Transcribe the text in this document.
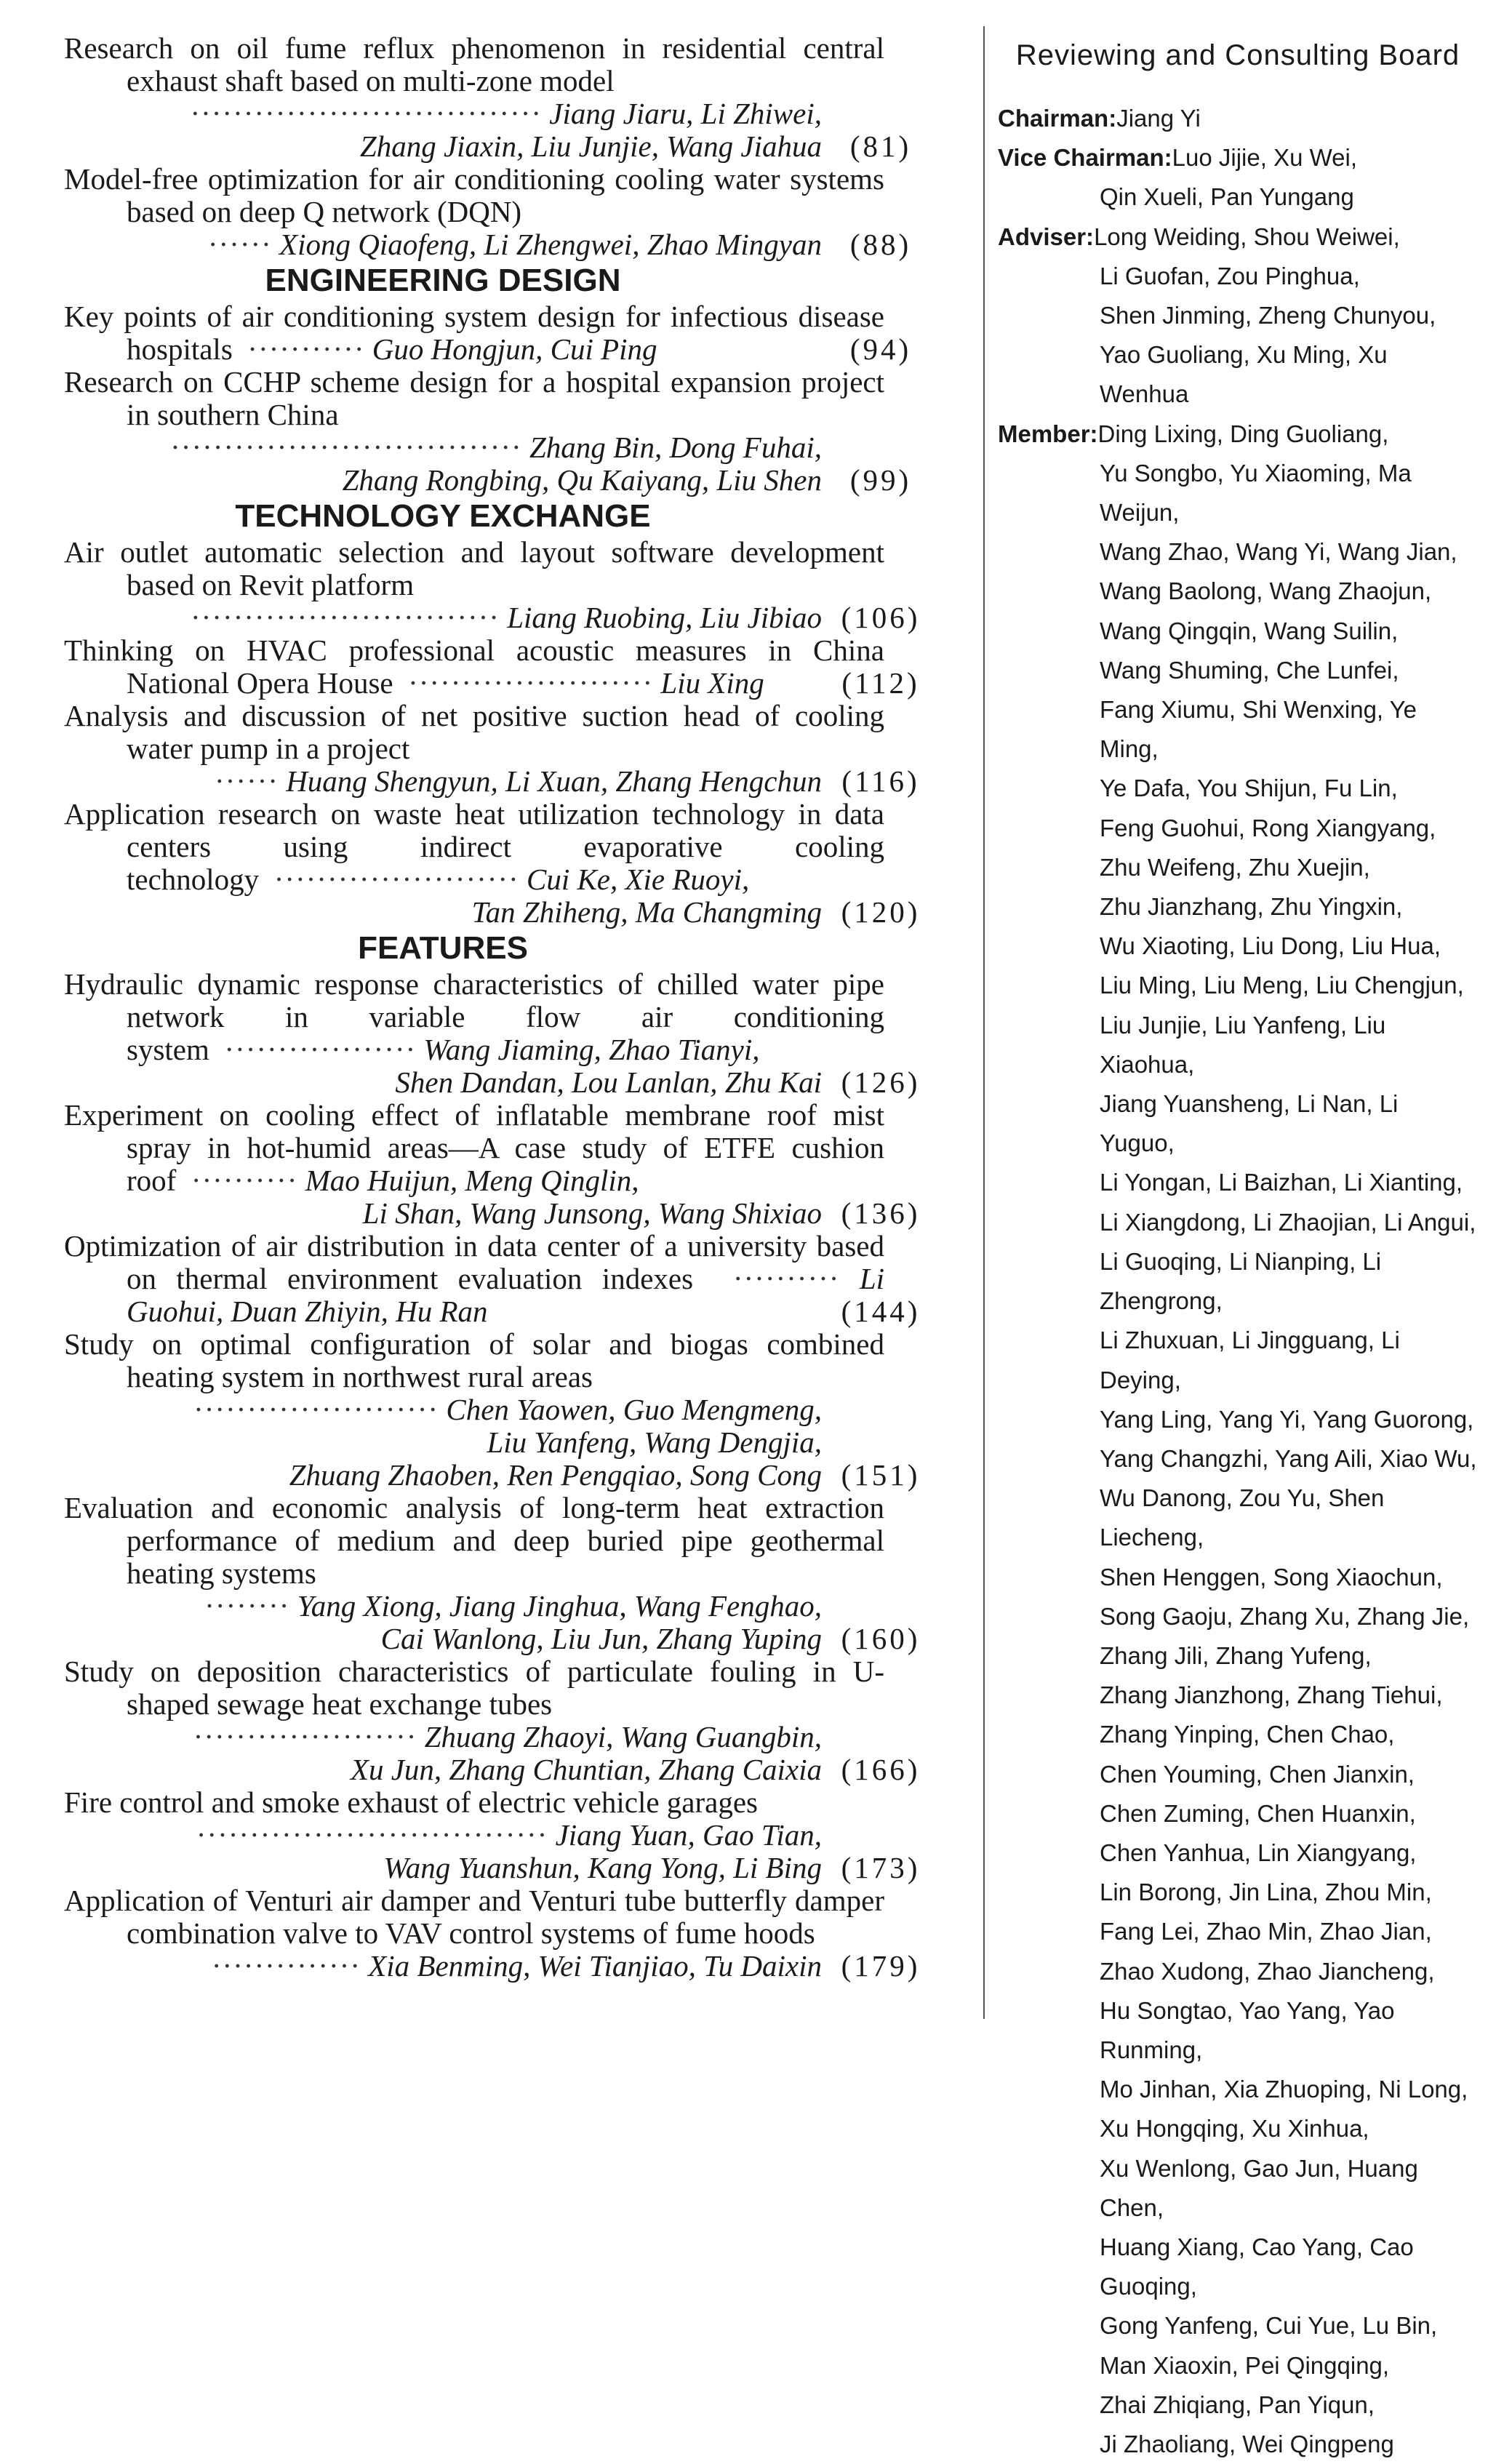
Research on oil fume reflux phenomenon in residential central exhaust shaft based on multi-zone model
································· Jiang Jiaru, Li Zhiwei,
Zhang Jiaxin, Liu Junjie, Wang Jiahua (81)
Model-free optimization for air conditioning cooling water systems based on deep Q network (DQN)
······ Xiong Qiaofeng, Li Zhengwei, Zhao Mingyan (88)
ENGINEERING DESIGN
Key points of air conditioning system design for infectious disease hospitals ··········· Guo Hongjun, Cui Ping	(94)
Research on CCHP scheme design for a hospital expansion project in southern China
································· Zhang Bin, Dong Fuhai,
Zhang Rongbing, Qu Kaiyang, Liu Shen (99)
TECHNOLOGY EXCHANGE
Air outlet automatic selection and layout software development based on Revit platform
····························· Liang Ruobing, Liu Jibiao (106)
Thinking on HVAC professional acoustic measures in China National Opera House ······················· Liu Xing	(112)
Analysis and discussion of net positive suction head of cooling water pump in a project
······ Huang Shengyun, Li Xuan, Zhang Hengchun (116)
Application research on waste heat utilization technology in data centers using indirect evaporative cooling technology ······················· Cui Ke, Xie Ruoyi,
Tan Zhiheng, Ma Changming (120)
FEATURES
Hydraulic dynamic response characteristics of chilled water pipe network in variable flow air conditioning system ·················· Wang Jiaming, Zhao Tianyi,
Shen Dandan, Lou Lanlan, Zhu Kai (126)
Experiment on cooling effect of inflatable membrane roof mist spray in hot-humid areas—A case study of ETFE cushion roof ·········· Mao Huijun, Meng Qinglin,
Li Shan, Wang Junsong, Wang Shixiao (136)
Optimization of air distribution in data center of a university based on thermal environment evaluation indexes ·········· Li Guohui, Duan Zhiyin, Hu Ran	(144)
Study on optimal configuration of solar and biogas combined heating system in northwest rural areas
······················· Chen Yaowen, Guo Mengmeng,
Liu Yanfeng, Wang Dengjia,
Zhuang Zhaoben, Ren Pengqiao, Song Cong (151)
Evaluation and economic analysis of long-term heat extraction performance of medium and deep buried pipe geothermal heating systems
········ Yang Xiong, Jiang Jinghua, Wang Fenghao,
Cai Wanlong, Liu Jun, Zhang Yuping (160)
Study on deposition characteristics of particulate fouling in U-shaped sewage heat exchange tubes
····················· Zhuang Zhaoyi, Wang Guangbin,
Xu Jun, Zhang Chuntian, Zhang Caixia (166)
Fire control and smoke exhaust of electric vehicle garages
································· Jiang Yuan, Gao Tian,
Wang Yuanshun, Kang Yong, Li Bing (173)
Application of Venturi air damper and Venturi tube butterfly damper combination valve to VAV control systems of fume hoods
·············· Xia Benming, Wei Tianjiao, Tu Daixin (179)
Reviewing and Consulting Board
Chairman:Jiang Yi
Vice Chairman:Luo Jijie, Xu Wei,
Qin Xueli, Pan Yungang
Adviser:Long Weiding, Shou Weiwei,
Li Guofan, Zou Pinghua,
Shen Jinming, Zheng Chunyou,
Yao Guoliang, Xu Ming, Xu Wenhua
Member:Ding Lixing, Ding Guoliang,
Yu Songbo, Yu Xiaoming, Ma Weijun,
Wang Zhao, Wang Yi, Wang Jian,
Wang Baolong, Wang Zhaojun,
Wang Qingqin, Wang Suilin,
Wang Shuming, Che Lunfei,
Fang Xiumu, Shi Wenxing, Ye Ming,
Ye Dafa, You Shijun, Fu Lin,
Feng Guohui, Rong Xiangyang,
Zhu Weifeng, Zhu Xuejin,
Zhu Jianzhang, Zhu Yingxin,
Wu Xiaoting, Liu Dong, Liu Hua,
Liu Ming, Liu Meng, Liu Chengjun,
Liu Junjie, Liu Yanfeng, Liu Xiaohua,
Jiang Yuansheng, Li Nan, Li Yuguo,
Li Yongan, Li Baizhan, Li Xianting,
Li Xiangdong, Li Zhaojian, Li Angui,
Li Guoqing, Li Nianping, Li Zhengrong,
Li Zhuxuan, Li Jingguang, Li Deying,
Yang Ling, Yang Yi, Yang Guorong,
Yang Changzhi, Yang Aili, Xiao Wu,
Wu Danong, Zou Yu, Shen Liecheng,
Shen Henggen, Song Xiaochun,
Song Gaoju, Zhang Xu, Zhang Jie,
Zhang Jili, Zhang Yufeng,
Zhang Jianzhong, Zhang Tiehui,
Zhang Yinping, Chen Chao,
Chen Youming, Chen Jianxin,
Chen Zuming, Chen Huanxin,
Chen Yanhua, Lin Xiangyang,
Lin Borong, Jin Lina, Zhou Min,
Fang Lei, Zhao Min, Zhao Jian,
Zhao Xudong, Zhao Jiancheng,
Hu Songtao, Yao Yang, Yao Runming,
Mo Jinhan, Xia Zhuoping, Ni Long,
Xu Hongqing, Xu Xinhua,
Xu Wenlong, Gao Jun, Huang Chen,
Huang Xiang, Cao Yang, Cao Guoqing,
Gong Yanfeng, Cui Yue, Lu Bin,
Man Xiaoxin, Pei Qingqing,
Zhai Zhiqiang, Pan Yiqun,
Ji Zhaoliang, Wei Qingpeng
